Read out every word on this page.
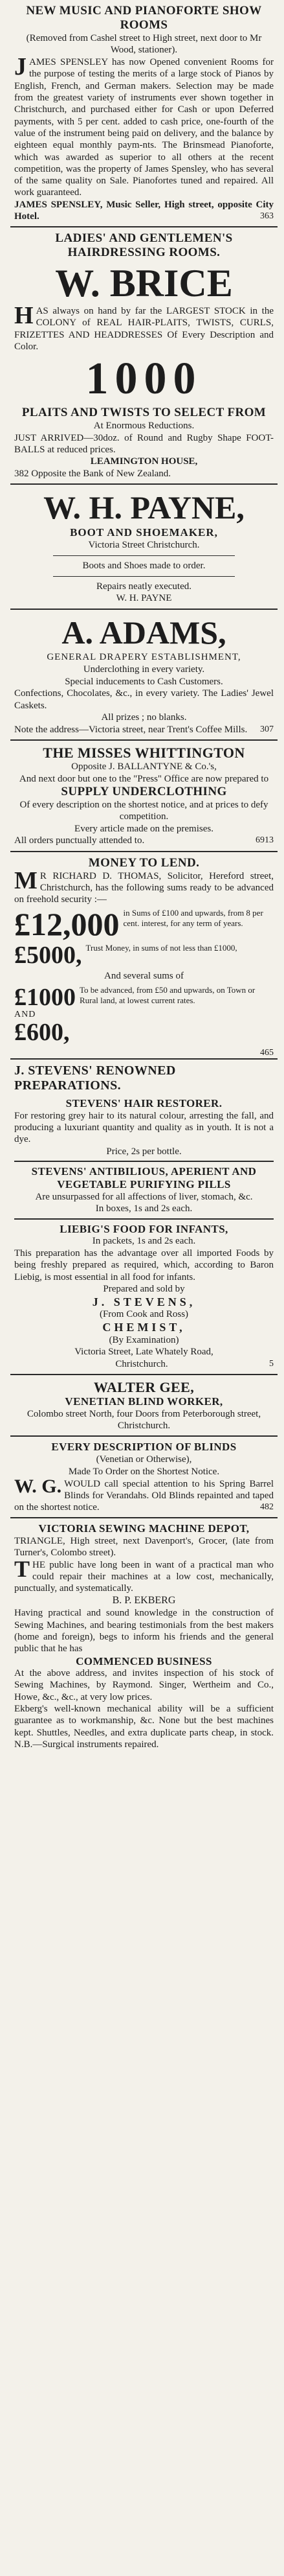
NEW MUSIC AND PIANOFORTE SHOW ROOMS
(Removed from Cashel street to High street, next door to Mr Wood, stationer).
J AMES SPENSLEY has now Opened convenient Rooms for the purpose of testing the merits of a large stock of Pianos by English, French, and German makers. Selection may be made from the greatest variety of instruments ever shown together in Christchurch, and purchased either for Cash or upon Deferred payments, with 5 per cent. added to cash price, one-fourth of the value of the instrument being paid on delivery, and the balance by eighteen equal monthly paym-nts. The Brinsmead Pianoforte, which was awarded as superior to all others at the recent competition, was the property of James Spensley, who has several of the same quality on Sale. Pianofortes tuned and repaired. All work guaranteed.
JAMES SPENSLEY, Music Seller, High street, opposite City Hotel.	363
LADIES' AND GENTLEMEN'S HAIRDRESSING ROOMS.
W. BRICE
H AS always on hand by far the LARGEST STOCK in the COLONY of REAL HAIR-PLAITS, TWISTS, CURLS, FRIZETTES AND HEADDRESSES Of Every Description and Color.
1000
PLAITS AND TWISTS TO SELECT FROM
At Enormous Reductions.
JUST ARRIVED—30doz. of Round and Rugby Shape FOOT-BALLS at reduced prices.
LEAMINGTON HOUSE,
382 Opposite the Bank of New Zealand.
W. H. PAYNE,
BOOT AND SHOEMAKER,
Victoria Street Christchurch.
Boots and Shoes made to order.
Repairs neatly executed.
W. H. PAYNE
A. ADAMS,
GENERAL DRAPERY ESTABLISHMENT,
Underclothing in every variety.
Special inducements to Cash Customers.
Confections, Chocolates, &c., in every variety. The Ladies' Jewel Caskets.
All prizes ; no blanks.
Note the address—Victoria street, near Trent's Coffee Mills. 307
THE MISSES WHITTINGTON
Opposite J. BALLANTYNE & Co.'s,
And next door but one to the "Press" Office are now prepared to
SUPPLY UNDERCLOTHING
Of every description on the shortest notice, and at prices to defy competition.
Every article made on the premises.
All orders punctually attended to.	6913
MONEY TO LEND.
M R RICHARD D. THOMAS, Solicitor, Hereford street, Christchurch, has the following sums ready to be advanced on freehold security :—
£12,000 in Sums of £100 and upwards, from 8 per cent. interest, for any term of years.
£5000, Trust Money, in sums of not less than £1000,
And several sums of
£1000
AND
£600,
To be advanced, from £50 and upwards, on Town or Rural land, at lowest current rates.
465
J. STEVENS' RENOWNED PREPARATIONS.
STEVENS' HAIR RESTORER.
For restoring grey hair to its natural colour, arresting the fall, and producing a luxuriant quantity and quality as in youth. It is not a dye.
Price, 2s per bottle.
STEVENS' ANTIBILIOUS, APERIENT AND VEGETABLE PURIFYING PILLS
Are unsurpassed for all affections of liver, stomach, &c.
In boxes, 1s and 2s each.
LIEBIG'S FOOD FOR INFANTS,
In packets, 1s and 2s each.
This preparation has the advantage over all imported Foods by being freshly prepared as required, which, according to Baron Liebig, is most essential in all food for infants.
Prepared and sold by
J. STEVENS,
(From Cook and Ross)
CHEMIST,
(By Examination)
Victoria Street, Late Whately Road,
Christchurch.	5
WALTER GEE,
VENETIAN BLIND WORKER,
Colombo street North, four Doors from Peterborough street, Christchurch.
EVERY DESCRIPTION OF BLINDS
(Venetian or Otherwise),
Made To Order on the Shortest Notice.
W. G. WOULD call special attention to his Spring Barrel Blinds for Verandahs. Old Blinds repainted and taped on the shortest notice.	482
VICTORIA SEWING MACHINE DEPOT,
TRIANGLE, High street, next Davenport's, Grocer, (late from Turner's, Colombo street).
T HE public have long been in want of a practical man who could repair their machines at a low cost, mechanically, punctually, and systematically.
B. P. EKBERG
Having practical and sound knowledge in the construction of Sewing Machines, and bearing testimonials from the best makers (home and foreign), begs to inform his friends and the general public that he has
COMMENCED BUSINESS
At the above address, and invites inspection of his stock of Sewing Machines, by Raymond. Singer, Wertheim and Co., Howe, &c., &c., at very low prices.
Ekberg's well-known mechanical ability will be a sufficient guarantee as to workmanship, &c. None but the best machines kept. Shuttles, Needles, and extra duplicate parts cheap, in stock. N.B.—Surgical instruments repaired.
